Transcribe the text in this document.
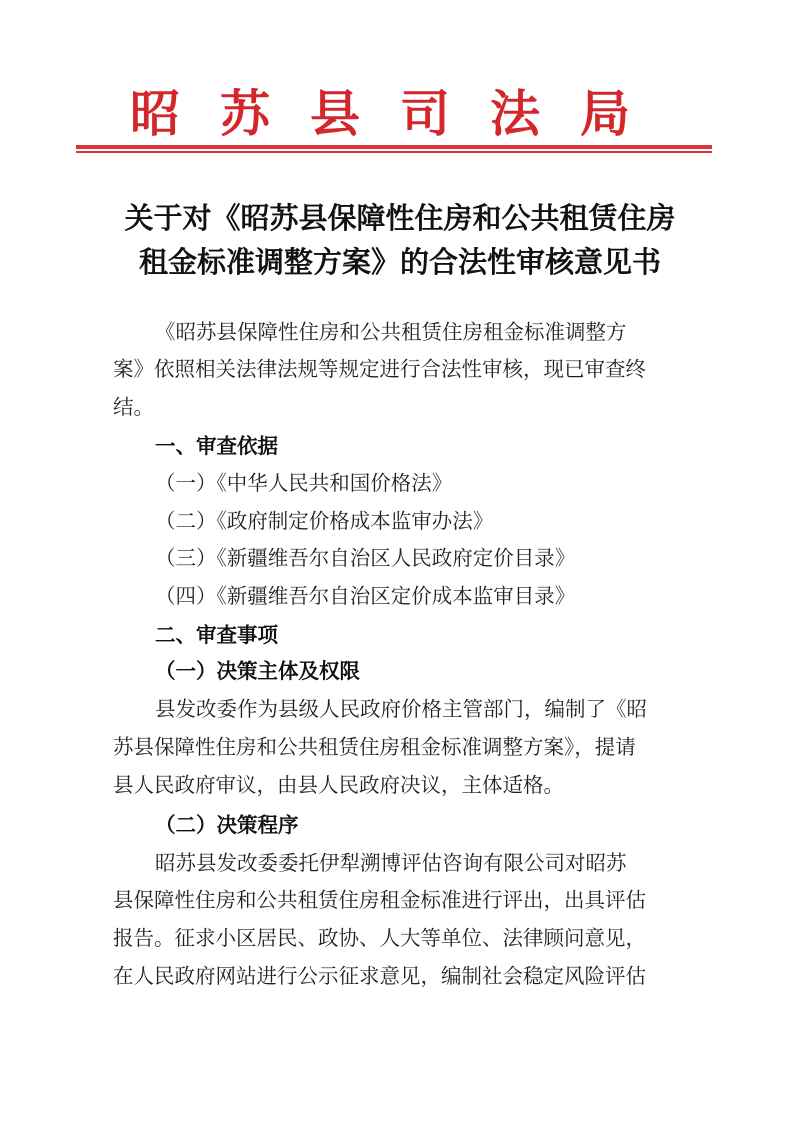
昭苏县司法局
关于对《昭苏县保障性住房和公共租赁住房
租金标准调整方案》的合法性审核意见书
《昭苏县保障性住房和公共租赁住房租金标准调整方
案》依照相关法律法规等规定进行合法性审核，现已审查终
结。
一、审查依据
（一）《中华人民共和国价格法》
（二）《政府制定价格成本监审办法》
（三）《新疆维吾尔自治区人民政府定价目录》
（四）《新疆维吾尔自治区定价成本监审目录》
二、审查事项
（一）决策主体及权限
县发改委作为县级人民政府价格主管部门，编制了《昭
苏县保障性住房和公共租赁住房租金标准调整方案》，提请
县人民政府审议，由县人民政府决议，主体适格。
（二）决策程序
昭苏县发改委委托伊犁溯博评估咨询有限公司对昭苏
县保障性住房和公共租赁住房租金标准进行评出，出具评估
报告。征求小区居民、政协、人大等单位、法律顾问意见，
在人民政府网站进行公示征求意见，编制社会稳定风险评估
